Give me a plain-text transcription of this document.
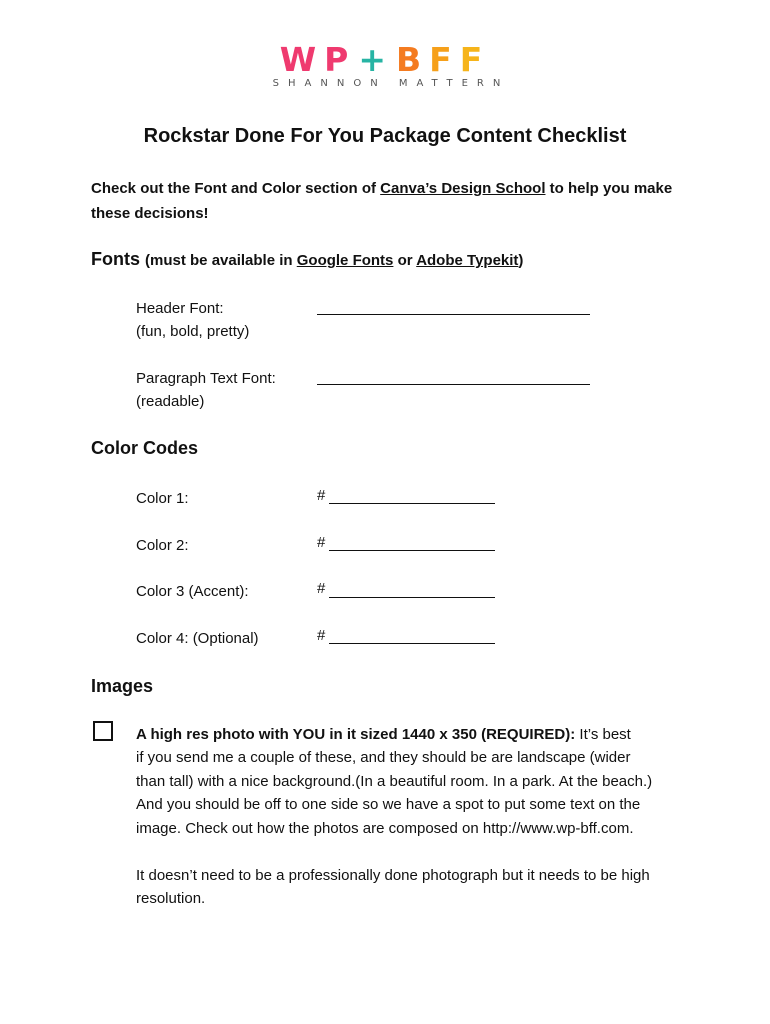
WP+BFF
SHANNON MATTERN
Rockstar Done For You Package Content Checklist
Check out the Font and Color section of Canva’s Design School to help you make these decisions!
Fonts (must be available in Google Fonts or Adobe Typekit)
Header Font:
(fun, bold, pretty)
Paragraph Text Font:
(readable)
Color Codes
Color 1:	#
Color 2:	#
Color 3 (Accent):	#
Color 4: (Optional)	#
Images
A high res photo with YOU in it sized 1440 x 350 (REQUIRED): It’s best
if you send me a couple of these, and they should be are landscape (wider
than tall) with a nice background.(In a beautiful room. In a park. At the beach.)
And you should be off to one side so we have a spot to put some text on the
image. Check out how the photos are composed on http://www.wp-bff.com.
It doesn’t need to be a professionally done photograph but it needs to be high
resolution.
